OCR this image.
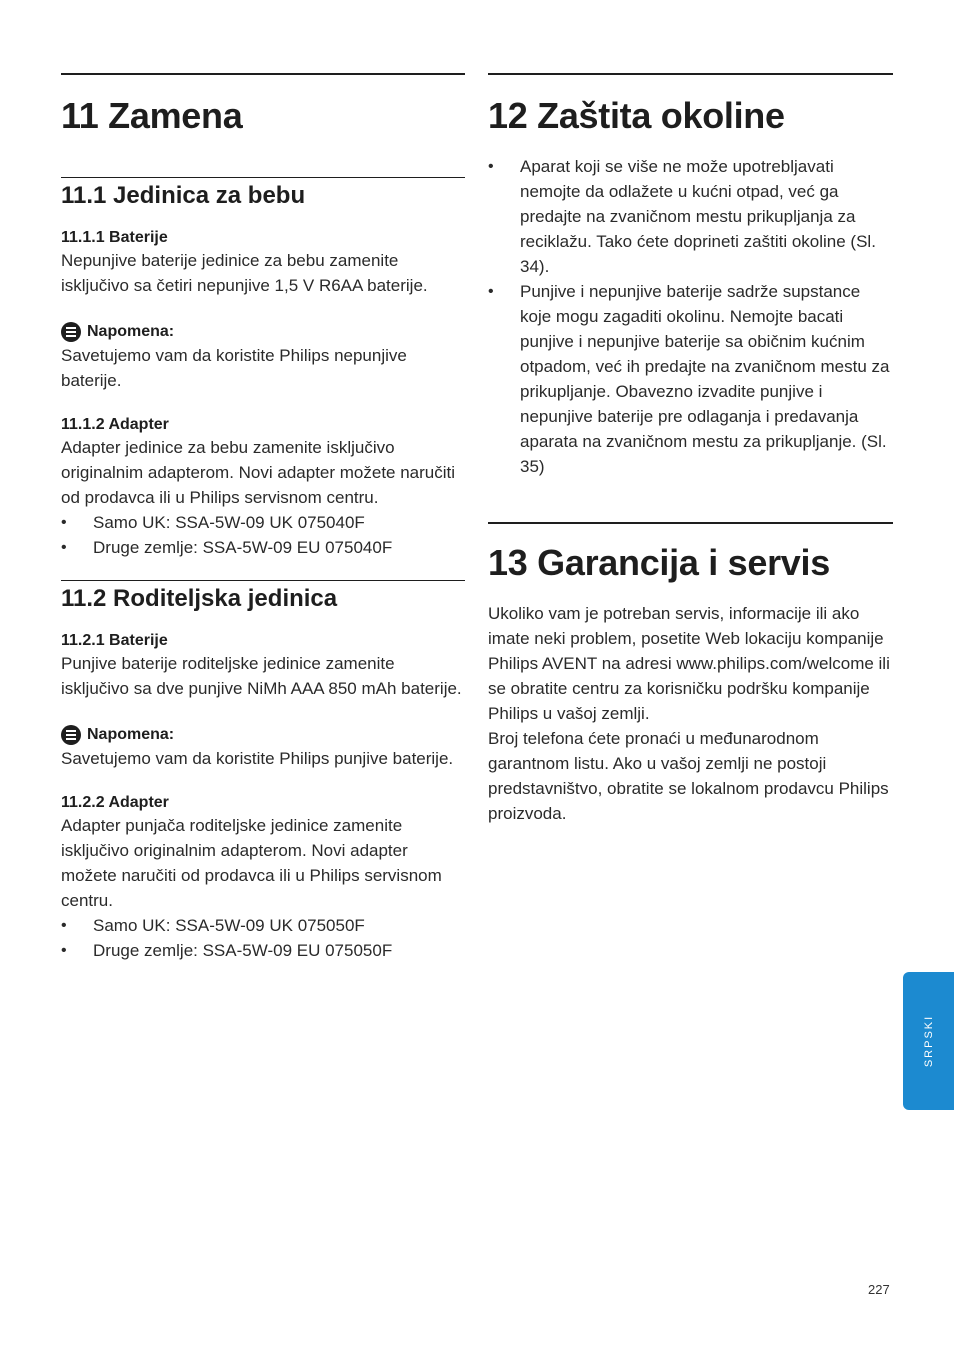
11 Zamena
11.1 Jedinica za bebu
11.1.1 Baterije

Nepunjive baterije jedinice za bebu zamenite isključivo sa četiri nepunjive 1,5 V R6AA baterije.

Napomena:

Savetujemo vam da koristite Philips nepunjive baterije.

11.1.2 Adapter

Adapter jedinice za bebu zamenite isključivo originalnim adapterom. Novi adapter možete naručiti od prodavca ili u Philips servisnom centru.

• Samo UK: SSA-5W-09 UK 075040F
• Druge zemlje: SSA-5W-09 EU 075040F
11.2 Roditeljska jedinica
11.2.1 Baterije

Punjive baterije roditeljske jedinice zamenite isključivo sa dve punjive NiMh AAA 850 mAh baterije.

Napomena:

Savetujemo vam da koristite Philips punjive baterije.

11.2.2 Adapter

Adapter punjača roditeljske jedinice zamenite isključivo originalnim adapterom. Novi adapter možete naručiti od prodavca ili u Philips servisnom centru.

• Samo UK: SSA-5W-09 UK 075050F
• Druge zemlje: SSA-5W-09 EU 075050F
12 Zaštita okoline
• Aparat koji se više ne može upotrebljavati nemojte da odlažete u kućni otpad, već ga predajte na zvaničnom mestu prikupljanja za reciklažu. Tako ćete doprineti zaštiti okoline (Sl. 34).
• Punjive i nepunjive baterije sadrže supstance koje mogu zagaditi okolinu. Nemojte bacati punjive i nepunjive baterije sa običnim kućnim otpadom, već ih predajte na zvaničnom mestu za prikupljanje. Obavezno izvadite punjive i nepunjive baterije pre odlaganja i predavanja aparata na zvaničnom mestu za prikupljanje. (Sl. 35)
13 Garancija i servis

Ukoliko vam je potreban servis, informacije ili ako imate neki problem, posetite Web lokaciju kompanije Philips AVENT na adresi www.philips.com/welcome ili se obratite centru za korisničku podršku kompanije Philips u vašoj zemlji.

Broj telefona ćete pronaći u međunarodnom garantnom listu. Ako u vašoj zemlji ne postoji predstavništvo, obratite se lokalnom prodavcu Philips proizvoda.

SRPSKI
227
